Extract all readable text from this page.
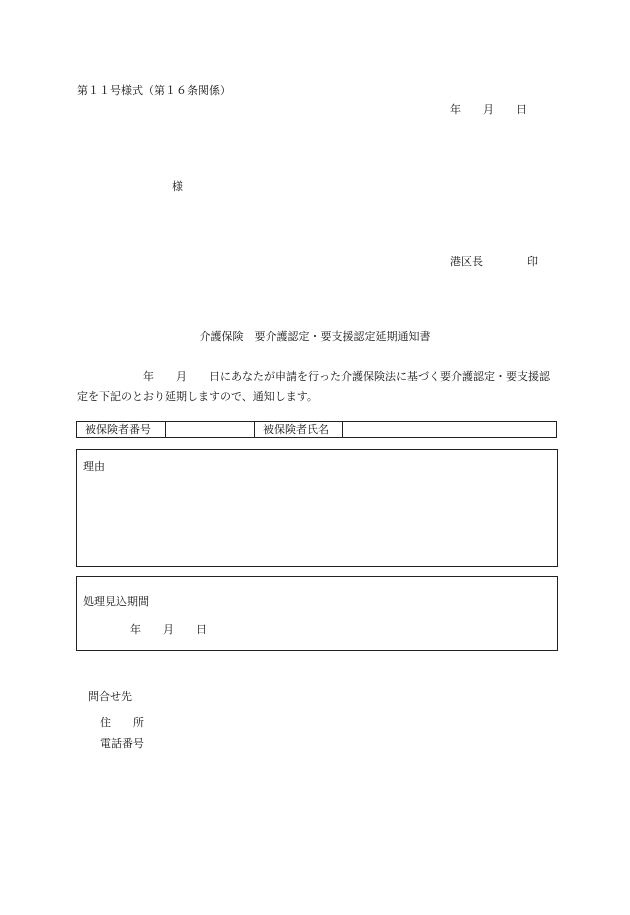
第１１号様式（第１６条関係）
年　　月　　日
様
港区長　　　　印
介護保険　要介護認定・要支援認定延期通知書
　　　　　　年　　月　　日にあなたが申請を行った介護保険法に基づく要介護認定・要支援認定を下記のとおり延期しますので、通知します。
被保険者番号		被保険者氏名	
理由
処理見込期間
年　　月　　日
問合せ先
住　　所
電話番号
